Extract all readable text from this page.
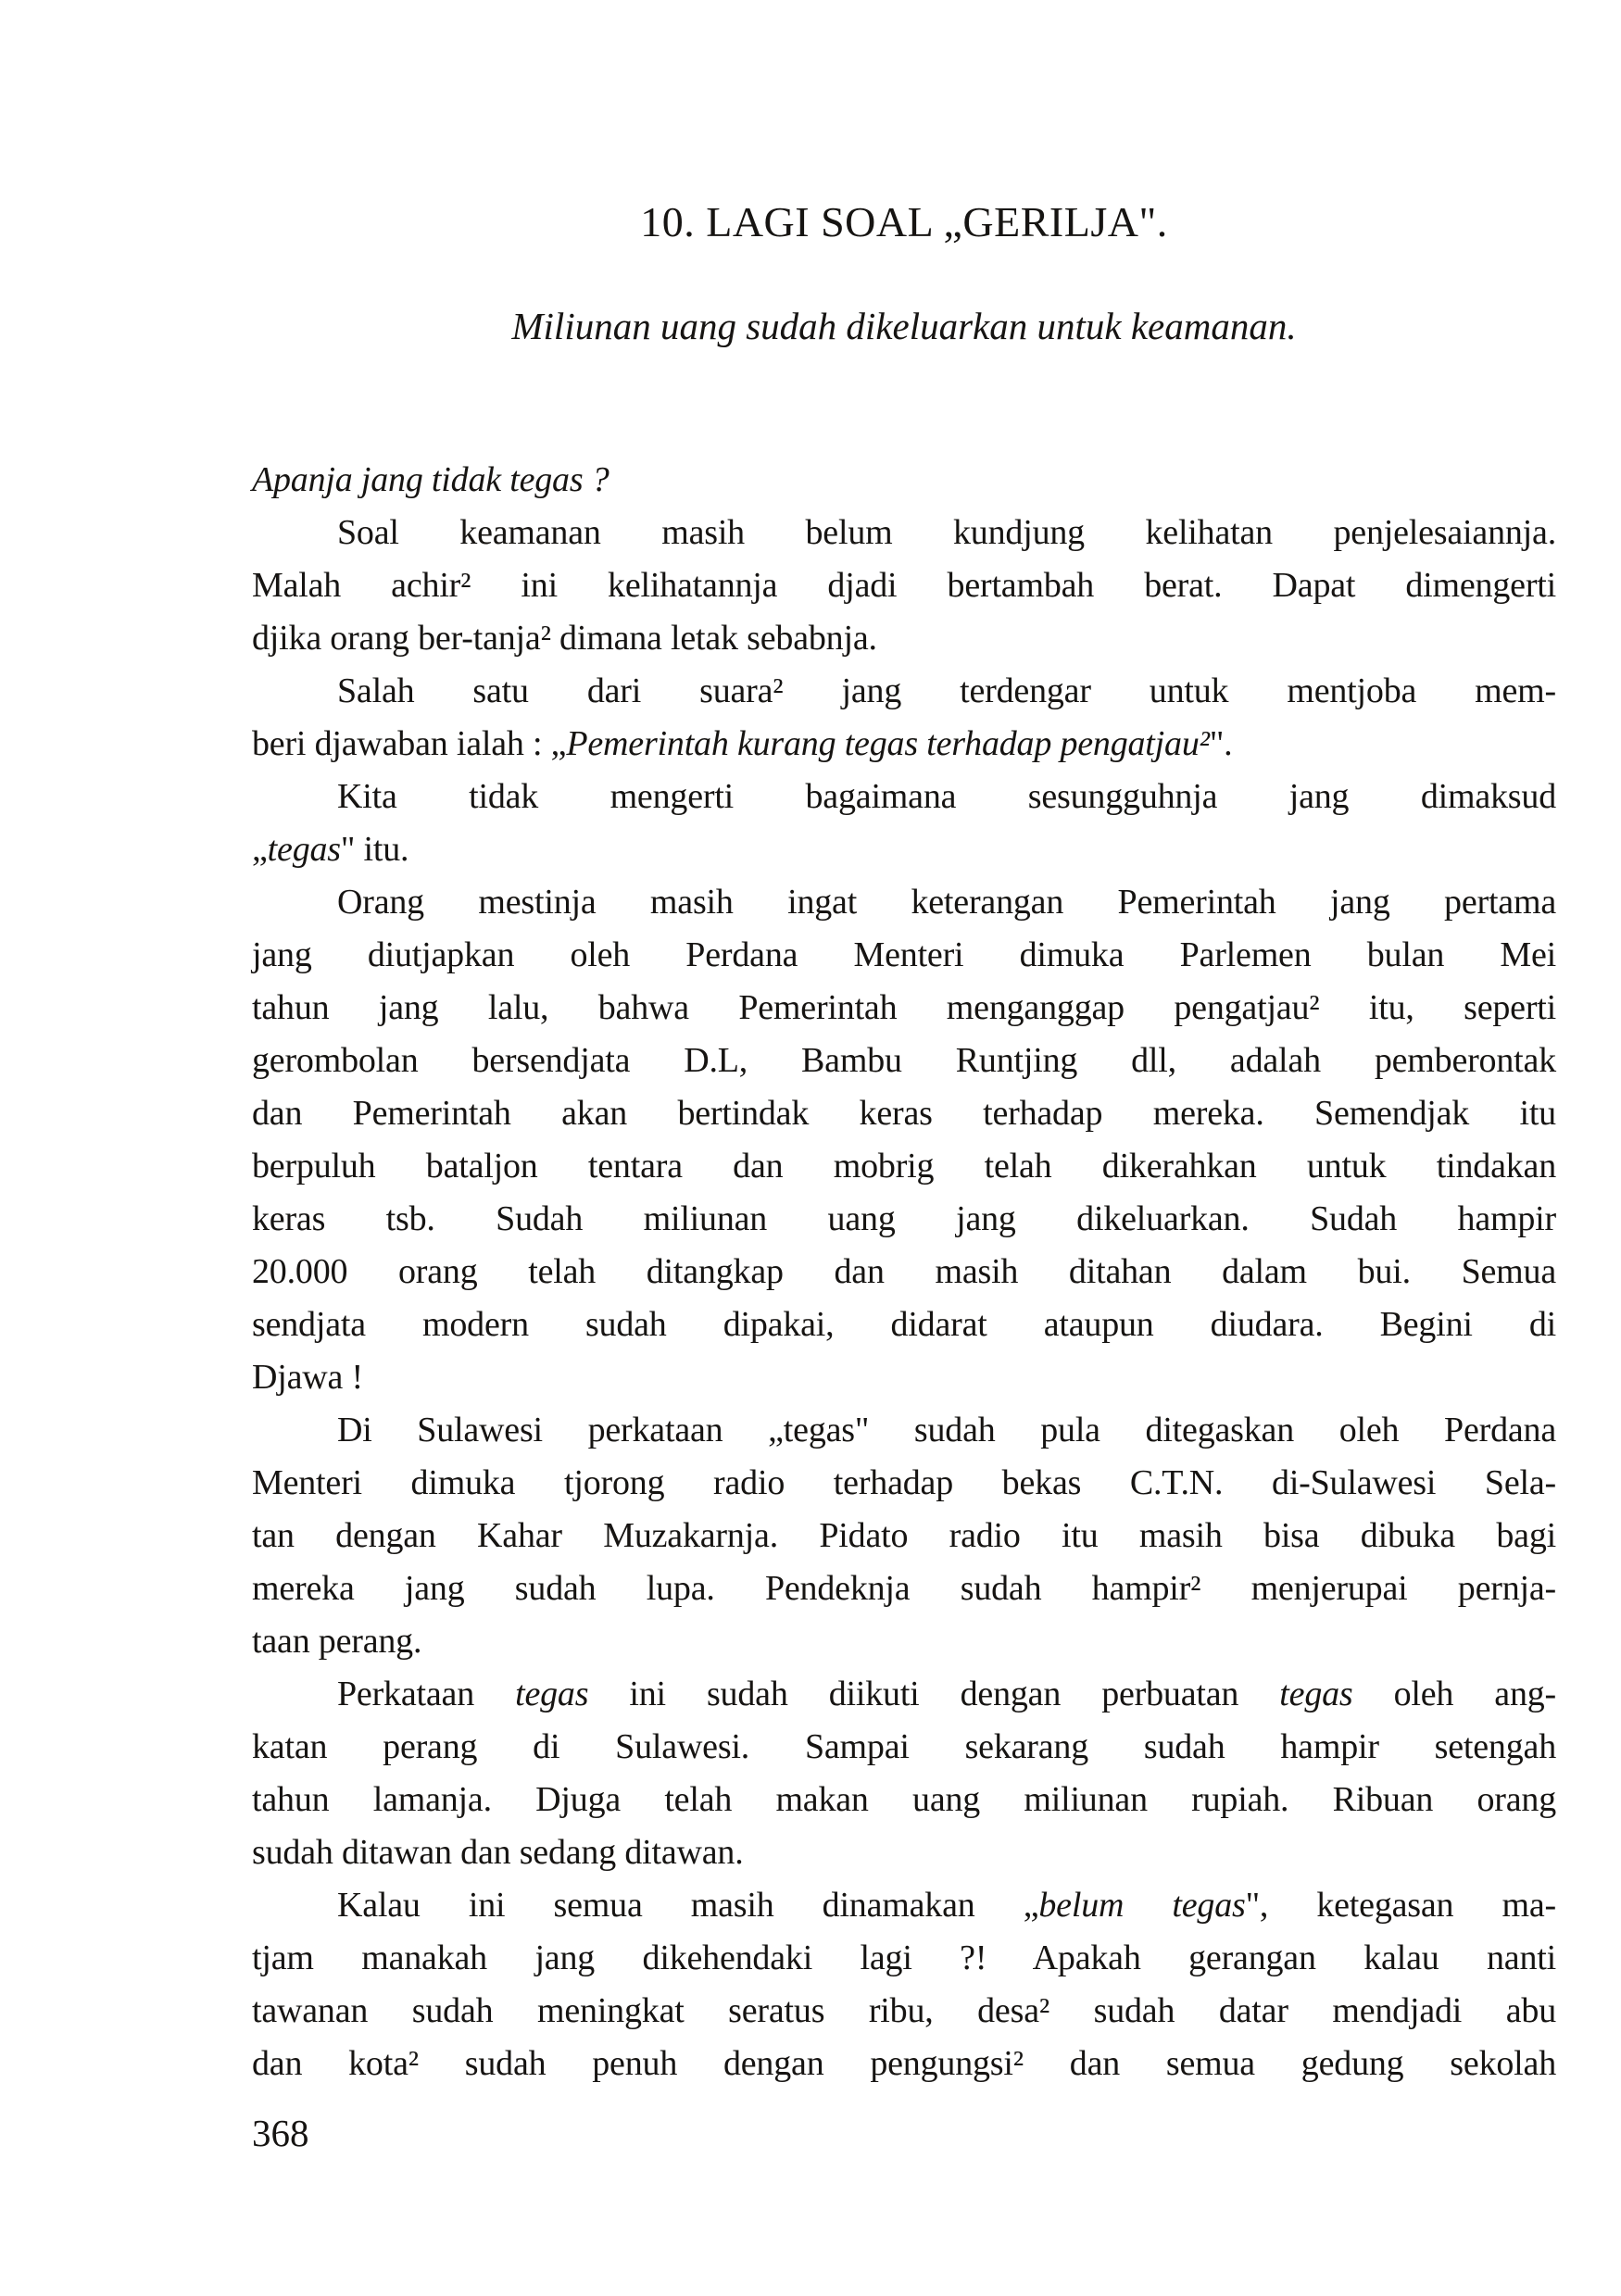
10. LAGI SOAL „GERILJA".
Miliunan uang sudah dikeluarkan untuk keamanan.
Apanja jang tidak tegas ?
Soal keamanan masih belum kundjung kelihatan penjelesaiannja.
Malah achir² ini kelihatannja djadi bertambah berat. Dapat dimengerti
djika orang ber-tanja² dimana letak sebabnja.
Salah satu dari suara² jang terdengar untuk mentjoba mem-
beri djawaban ialah : „Pemerintah kurang tegas terhadap pengatjau²".
Kita tidak mengerti bagaimana sesungguhnja jang dimaksud
„tegas" itu.
Orang mestinja masih ingat keterangan Pemerintah jang pertama
jang diutjapkan oleh Perdana Menteri dimuka Parlemen bulan Mei
tahun jang lalu, bahwa Pemerintah menganggap pengatjau² itu, seperti
gerombolan bersendjata D.L, Bambu Runtjing dll, adalah pemberontak
dan Pemerintah akan bertindak keras terhadap mereka. Semendjak itu
berpuluh bataljon tentara dan mobrig telah dikerahkan untuk tindakan
keras tsb. Sudah miliunan uang jang dikeluarkan. Sudah hampir
20.000 orang telah ditangkap dan masih ditahan dalam bui. Semua
sendjata modern sudah dipakai, didarat ataupun diudara. Begini di
Djawa !
Di Sulawesi perkataan „tegas" sudah pula ditegaskan oleh Perdana
Menteri dimuka tjorong radio terhadap bekas C.T.N. di-Sulawesi Sela-
tan dengan Kahar Muzakarnja. Pidato radio itu masih bisa dibuka bagi
mereka jang sudah lupa. Pendeknja sudah hampir² menjerupai pernja-
taan perang.
Perkataan tegas ini sudah diikuti dengan perbuatan tegas oleh ang-
katan perang di Sulawesi. Sampai sekarang sudah hampir setengah
tahun lamanja. Djuga telah makan uang miliunan rupiah. Ribuan orang
sudah ditawan dan sedang ditawan.
Kalau ini semua masih dinamakan „belum tegas", ketegasan ma-
tjam manakah jang dikehendaki lagi ?! Apakah gerangan kalau nanti
tawanan sudah meningkat seratus ribu, desa² sudah datar mendjadi abu
dan kota² sudah penuh dengan pengungsi² dan semua gedung sekolah
368
